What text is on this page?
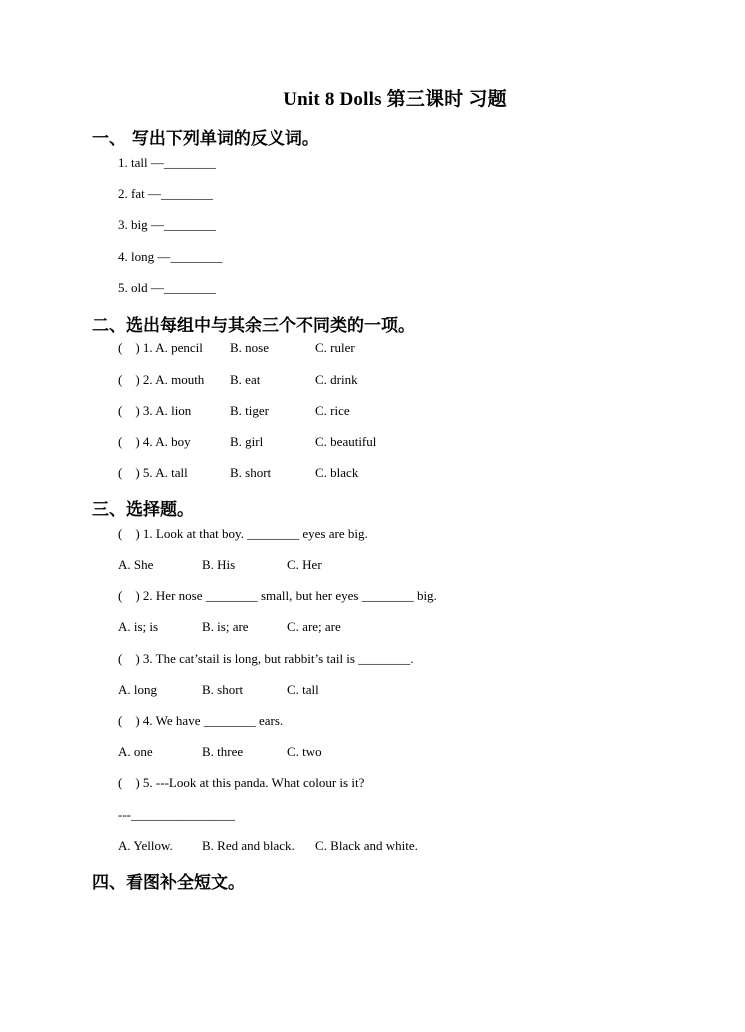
Unit 8 Dolls 第三课时 习题
一、 写出下列单词的反义词。
1. tall —________
2. fat —________
3. big —________
4. long —________
5. old —________
二、选出每组中与其余三个不同类的一项。
(    ) 1. A. pencil B. nose	C. ruler
(    ) 2. A. mouth B. eat	C. drink
(    ) 3. A. lion	B. tiger	C. rice
(    ) 4. A. boy	B. girl	C. beautiful
(    ) 5. A. tall	B. short	C. black
三、选择题。
(    ) 1. Look at that boy. ________ eyes are big.
A. She	B. His	C. Her
(    ) 2. Her nose ________ small, but her eyes ________ big.
A. is; is	B. is; are	C. are; are
(    ) 3. The cat’stail is long, but rabbit’s tail is ________.
A. long	B. short	C. tall
(    ) 4. We have ________ ears.
A. one	B. three	C. two
(    ) 5. ---Look at this panda. What colour is it?
---________________
A. Yellow. B. Red and black. C. Black and white.
四、看图补全短文。
